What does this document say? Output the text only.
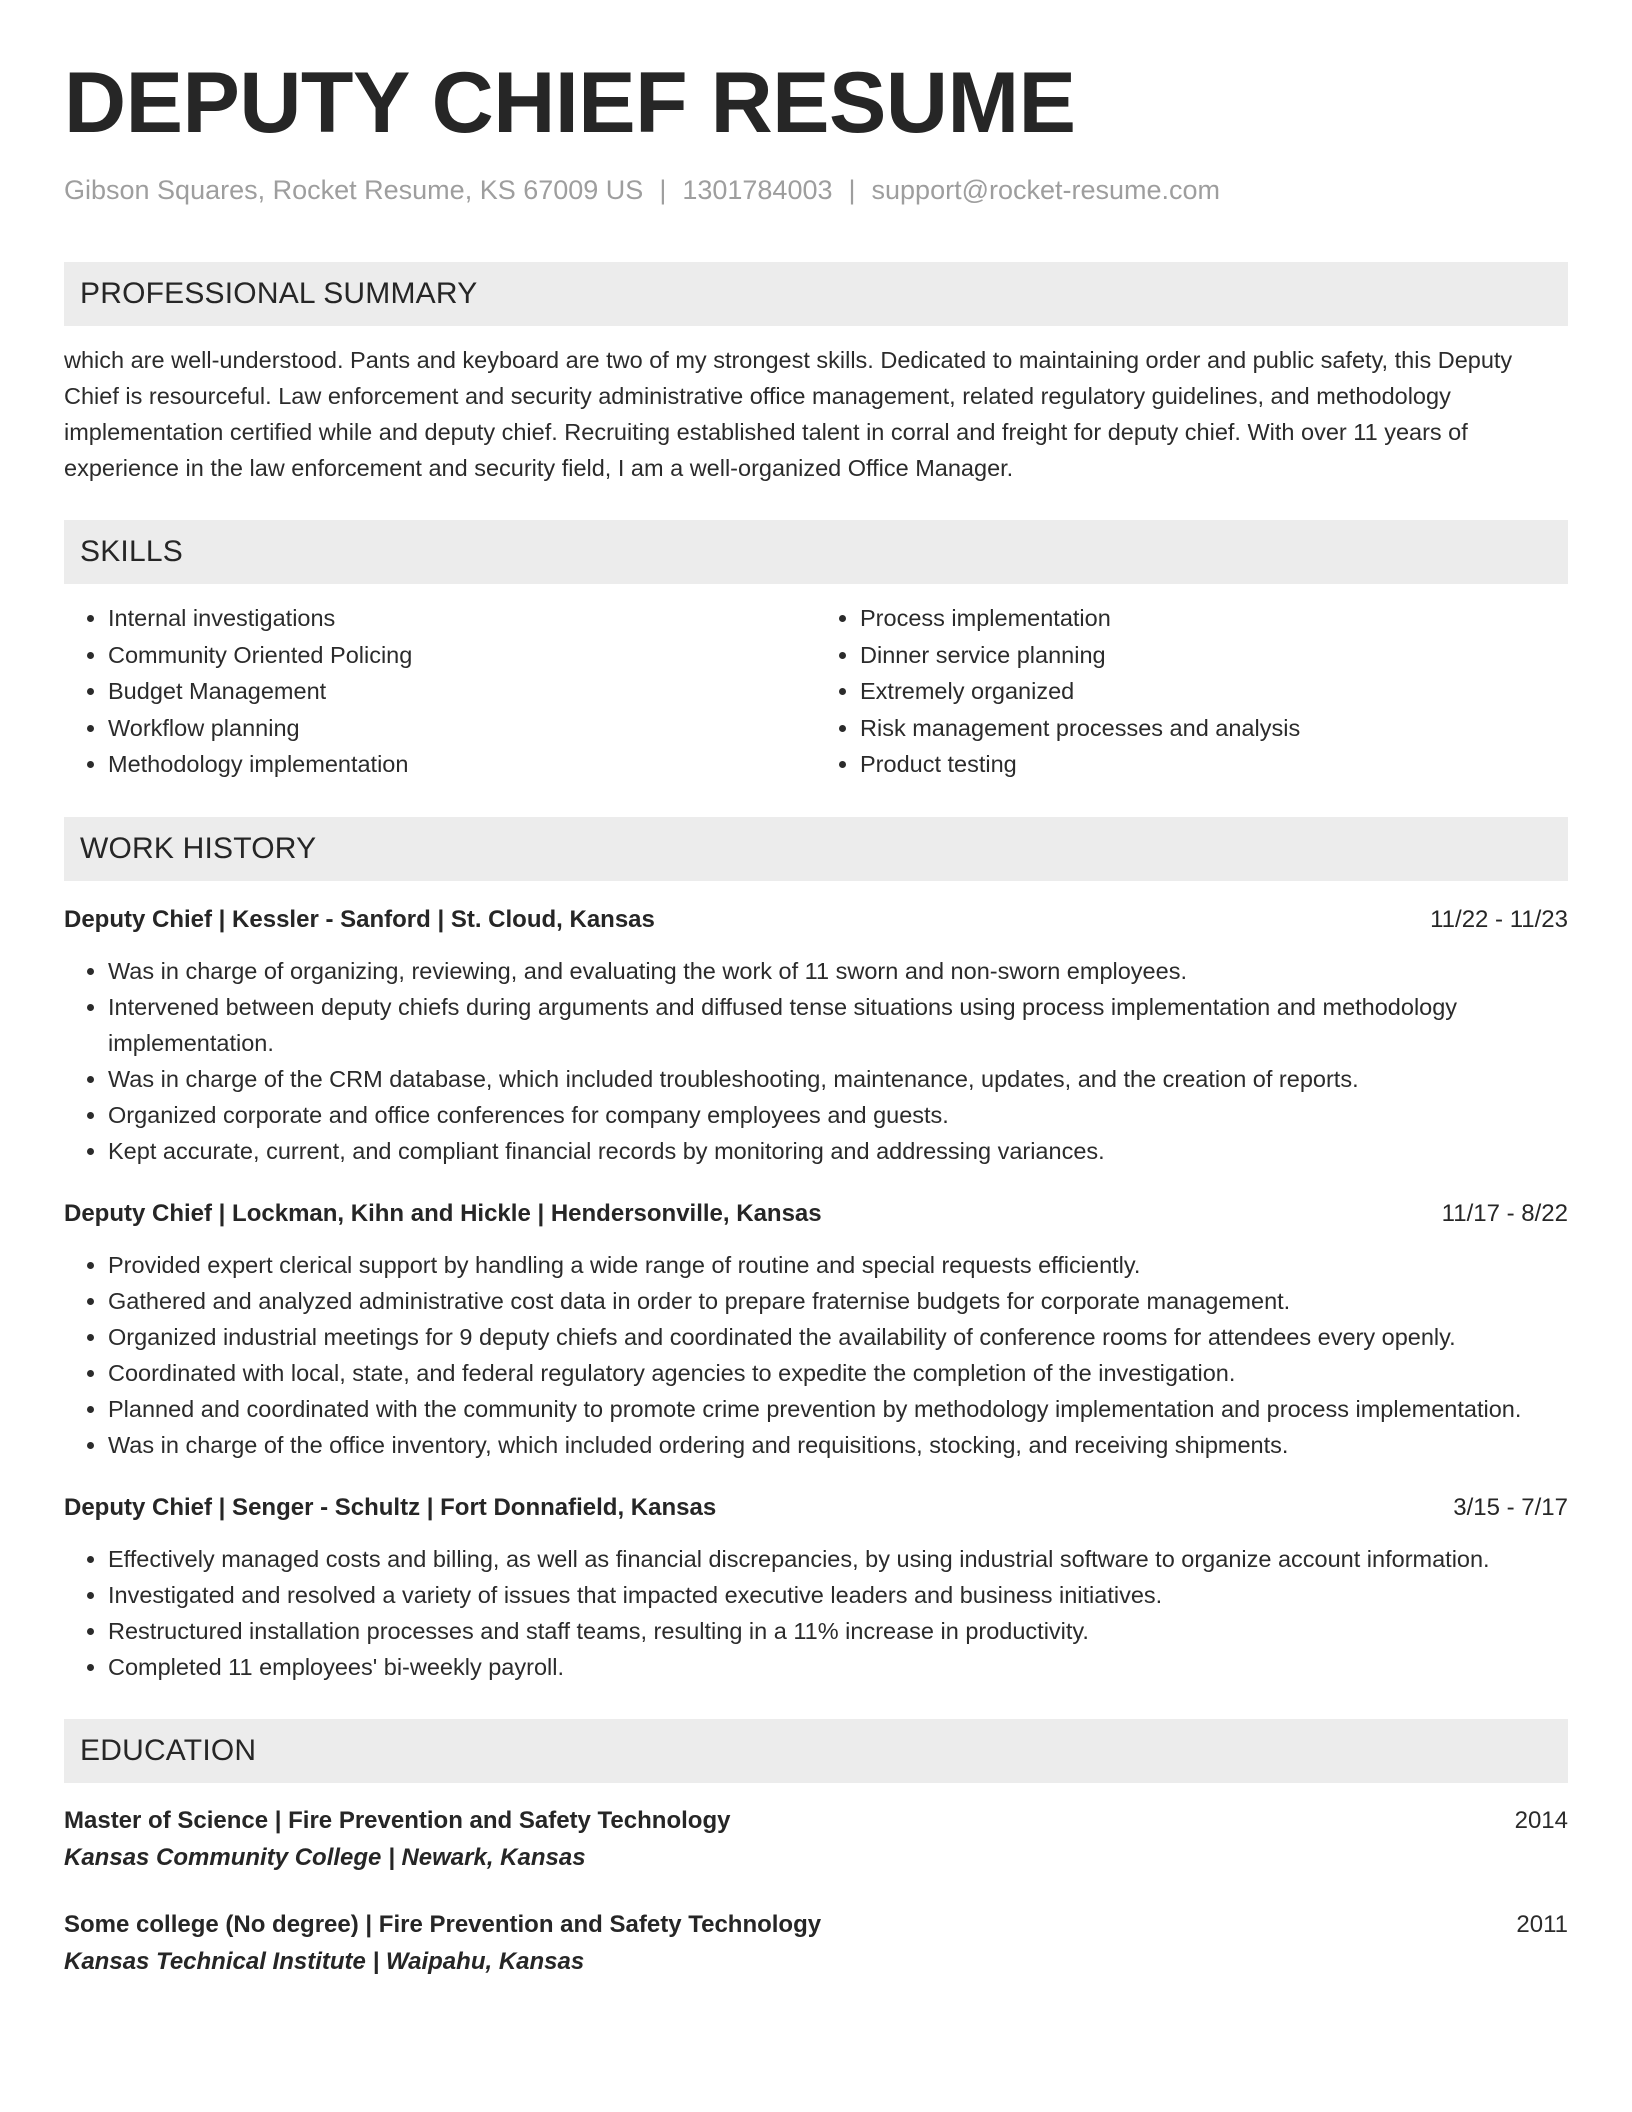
DEPUTY CHIEF RESUME
Gibson Squares, Rocket Resume, KS 67009 US | 1301784003 | support@rocket-resume.com
PROFESSIONAL SUMMARY

which are well-understood. Pants and keyboard are two of my strongest skills. Dedicated to maintaining order and public safety, this Deputy Chief is resourceful. Law enforcement and security administrative office management, related regulatory guidelines, and methodology implementation certified while and deputy chief. Recruiting established talent in corral and freight for deputy chief. With over 11 years of experience in the law enforcement and security field, I am a well-organized Office Manager.

SKILLS
• Internal investigations
• Community Oriented Policing
• Budget Management
• Workflow planning
• Methodology implementation
• Process implementation
• Dinner service planning
• Extremely organized
• Risk management processes and analysis
• Product testing
WORK HISTORY
Deputy Chief | Kessler - Sanford | St. Cloud, Kansas	11/22 - 11/23
• Was in charge of organizing, reviewing, and evaluating the work of 11 sworn and non-sworn employees.
• Intervened between deputy chiefs during arguments and diffused tense situations using process implementation and methodology implementation.
• Was in charge of the CRM database, which included troubleshooting, maintenance, updates, and the creation of reports.
• Organized corporate and office conferences for company employees and guests.
• Kept accurate, current, and compliant financial records by monitoring and addressing variances.
Deputy Chief | Lockman, Kihn and Hickle | Hendersonville, Kansas	11/17 - 8/22
• Provided expert clerical support by handling a wide range of routine and special requests efficiently.
• Gathered and analyzed administrative cost data in order to prepare fraternise budgets for corporate management.
• Organized industrial meetings for 9 deputy chiefs and coordinated the availability of conference rooms for attendees every openly.
• Coordinated with local, state, and federal regulatory agencies to expedite the completion of the investigation.
• Planned and coordinated with the community to promote crime prevention by methodology implementation and process implementation.
• Was in charge of the office inventory, which included ordering and requisitions, stocking, and receiving shipments.
Deputy Chief | Senger - Schultz | Fort Donnafield, Kansas	3/15 - 7/17
• Effectively managed costs and billing, as well as financial discrepancies, by using industrial software to organize account information.
• Investigated and resolved a variety of issues that impacted executive leaders and business initiatives.
• Restructured installation processes and staff teams, resulting in a 11% increase in productivity.
• Completed 11 employees' bi-weekly payroll.
EDUCATION
Master of Science | Fire Prevention and Safety Technology	2014
Kansas Community College | Newark, Kansas
Some college (No degree) | Fire Prevention and Safety Technology	2011
Kansas Technical Institute | Waipahu, Kansas
